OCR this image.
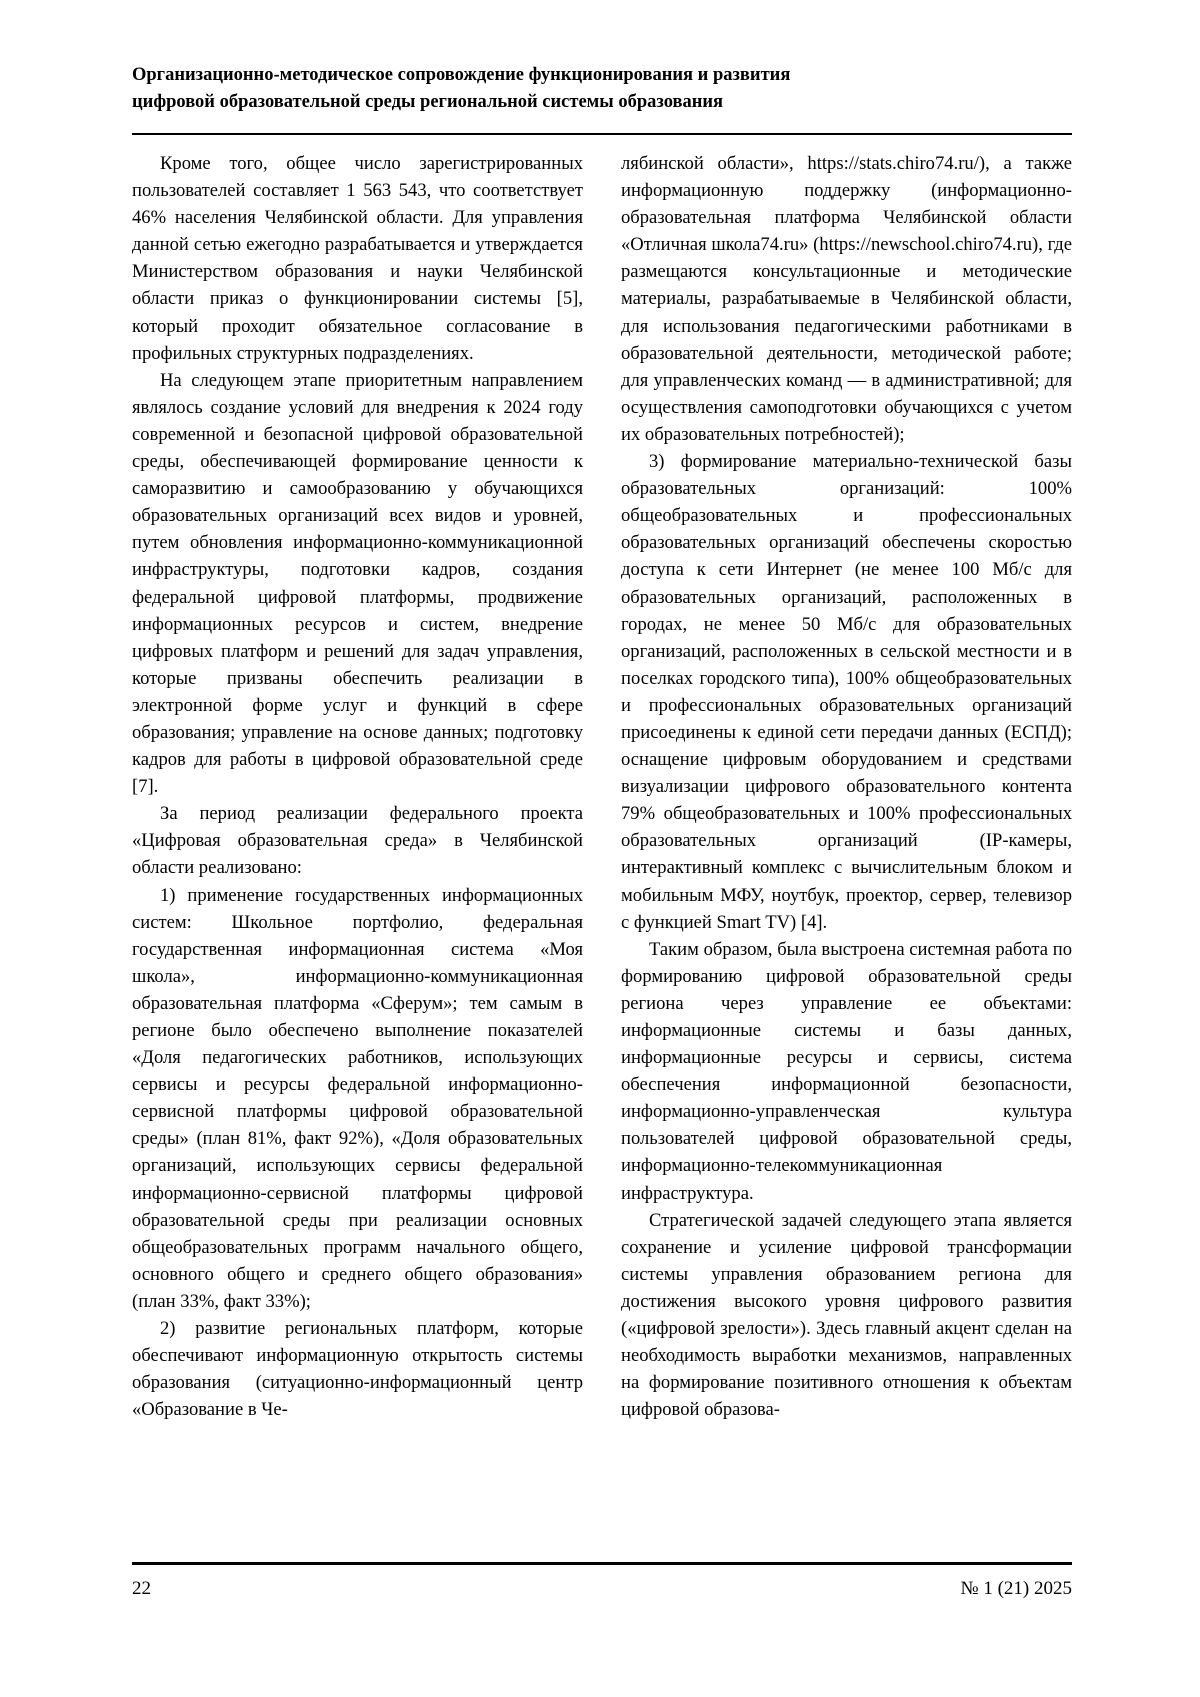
Организационно-методическое сопровождение функционирования и развития
цифровой образовательной среды региональной системы образования

Кроме того, общее число зарегистрированных пользователей составляет 1 563 543, что соответствует 46% населения Челябинской области. Для управления данной сетью ежегодно разрабатывается и утверждается Министерством образования и науки Челябинской области приказ о функционировании системы [5], который проходит обязательное согласование в профильных структурных подразделениях.

На следующем этапе приоритетным направлением являлось создание условий для внедрения к 2024 году современной и безопасной цифровой образовательной среды, обеспечивающей формирование ценности к саморазвитию и самообразованию у обучающихся образовательных организаций всех видов и уровней, путем обновления информационно-коммуникационной инфраструктуры, подготовки кадров, создания федеральной цифровой платформы, продвижение информационных ресурсов и систем, внедрение цифровых платформ и решений для задач управления, которые призваны обеспечить реализации в электронной форме услуг и функций в сфере образования; управление на основе данных; подготовку кадров для работы в цифровой образовательной среде [7].

За период реализации федерального проекта «Цифровая образовательная среда» в Челябинской области реализовано:

1) применение государственных информационных систем: Школьное портфолио, федеральная государственная информационная система «Моя школа», информационно-коммуникационная образовательная платформа «Сферум»; тем самым в регионе было обеспечено выполнение показателей «Доля педагогических работников, использующих сервисы и ресурсы федеральной информационно-сервисной платформы цифровой образовательной среды» (план 81%, факт 92%), «Доля образовательных организаций, использующих сервисы федеральной информационно-сервисной платформы цифровой образовательной среды при реализации основных общеобразовательных программ начального общего, основного общего и среднего общего образования» (план 33%, факт 33%);

2) развитие региональных платформ, которые обеспечивают информационную открытость системы образования (ситуационно-информационный центр «Образование в Че-

лябинской области», https://stats.chiro74.ru/), а также информационную поддержку (информационно-образовательная платформа Челябинской области «Отличная школа74.ru» (https://newschool.chiro74.ru), где размещаются консультационные и методические материалы, разрабатываемые в Челябинской области, для использования педагогическими работниками в образовательной деятельности, методической работе; для управленческих команд — в административной; для осуществления самоподготовки обучающихся с учетом их образовательных потребностей);

3) формирование материально-технической базы образовательных организаций: 100% общеобразовательных и профессиональных образовательных организаций обеспечены скоростью доступа к сети Интернет (не менее 100 Мб/с для образовательных организаций, расположенных в городах, не менее 50 Мб/с для образовательных организаций, расположенных в сельской местности и в поселках городского типа), 100% общеобразовательных и профессиональных образовательных организаций присоединены к единой сети передачи данных (ЕСПД); оснащение цифровым оборудованием и средствами визуализации цифрового образовательного контента 79% общеобразовательных и 100% профессиональных образовательных организаций (IP-камеры, интерактивный комплекс с вычислительным блоком и мобильным МФУ, ноутбук, проектор, сервер, телевизор с функцией Smart TV) [4].

Таким образом, была выстроена системная работа по формированию цифровой образовательной среды региона через управление ее объектами: информационные системы и базы данных, информационные ресурсы и сервисы, система обеспечения информационной безопасности, информационно-управленческая культура пользователей цифровой образовательной среды, информационно-телекоммуникационная инфраструктура.

Стратегической задачей следующего этапа является сохранение и усиление цифровой трансформации системы управления образованием региона для достижения высокого уровня цифрового развития («цифровой зрелости»). Здесь главный акцент сделан на необходимость выработки механизмов, направленных на формирование позитивного отношения к объектам цифровой образова-

22	№ 1 (21) 2025
